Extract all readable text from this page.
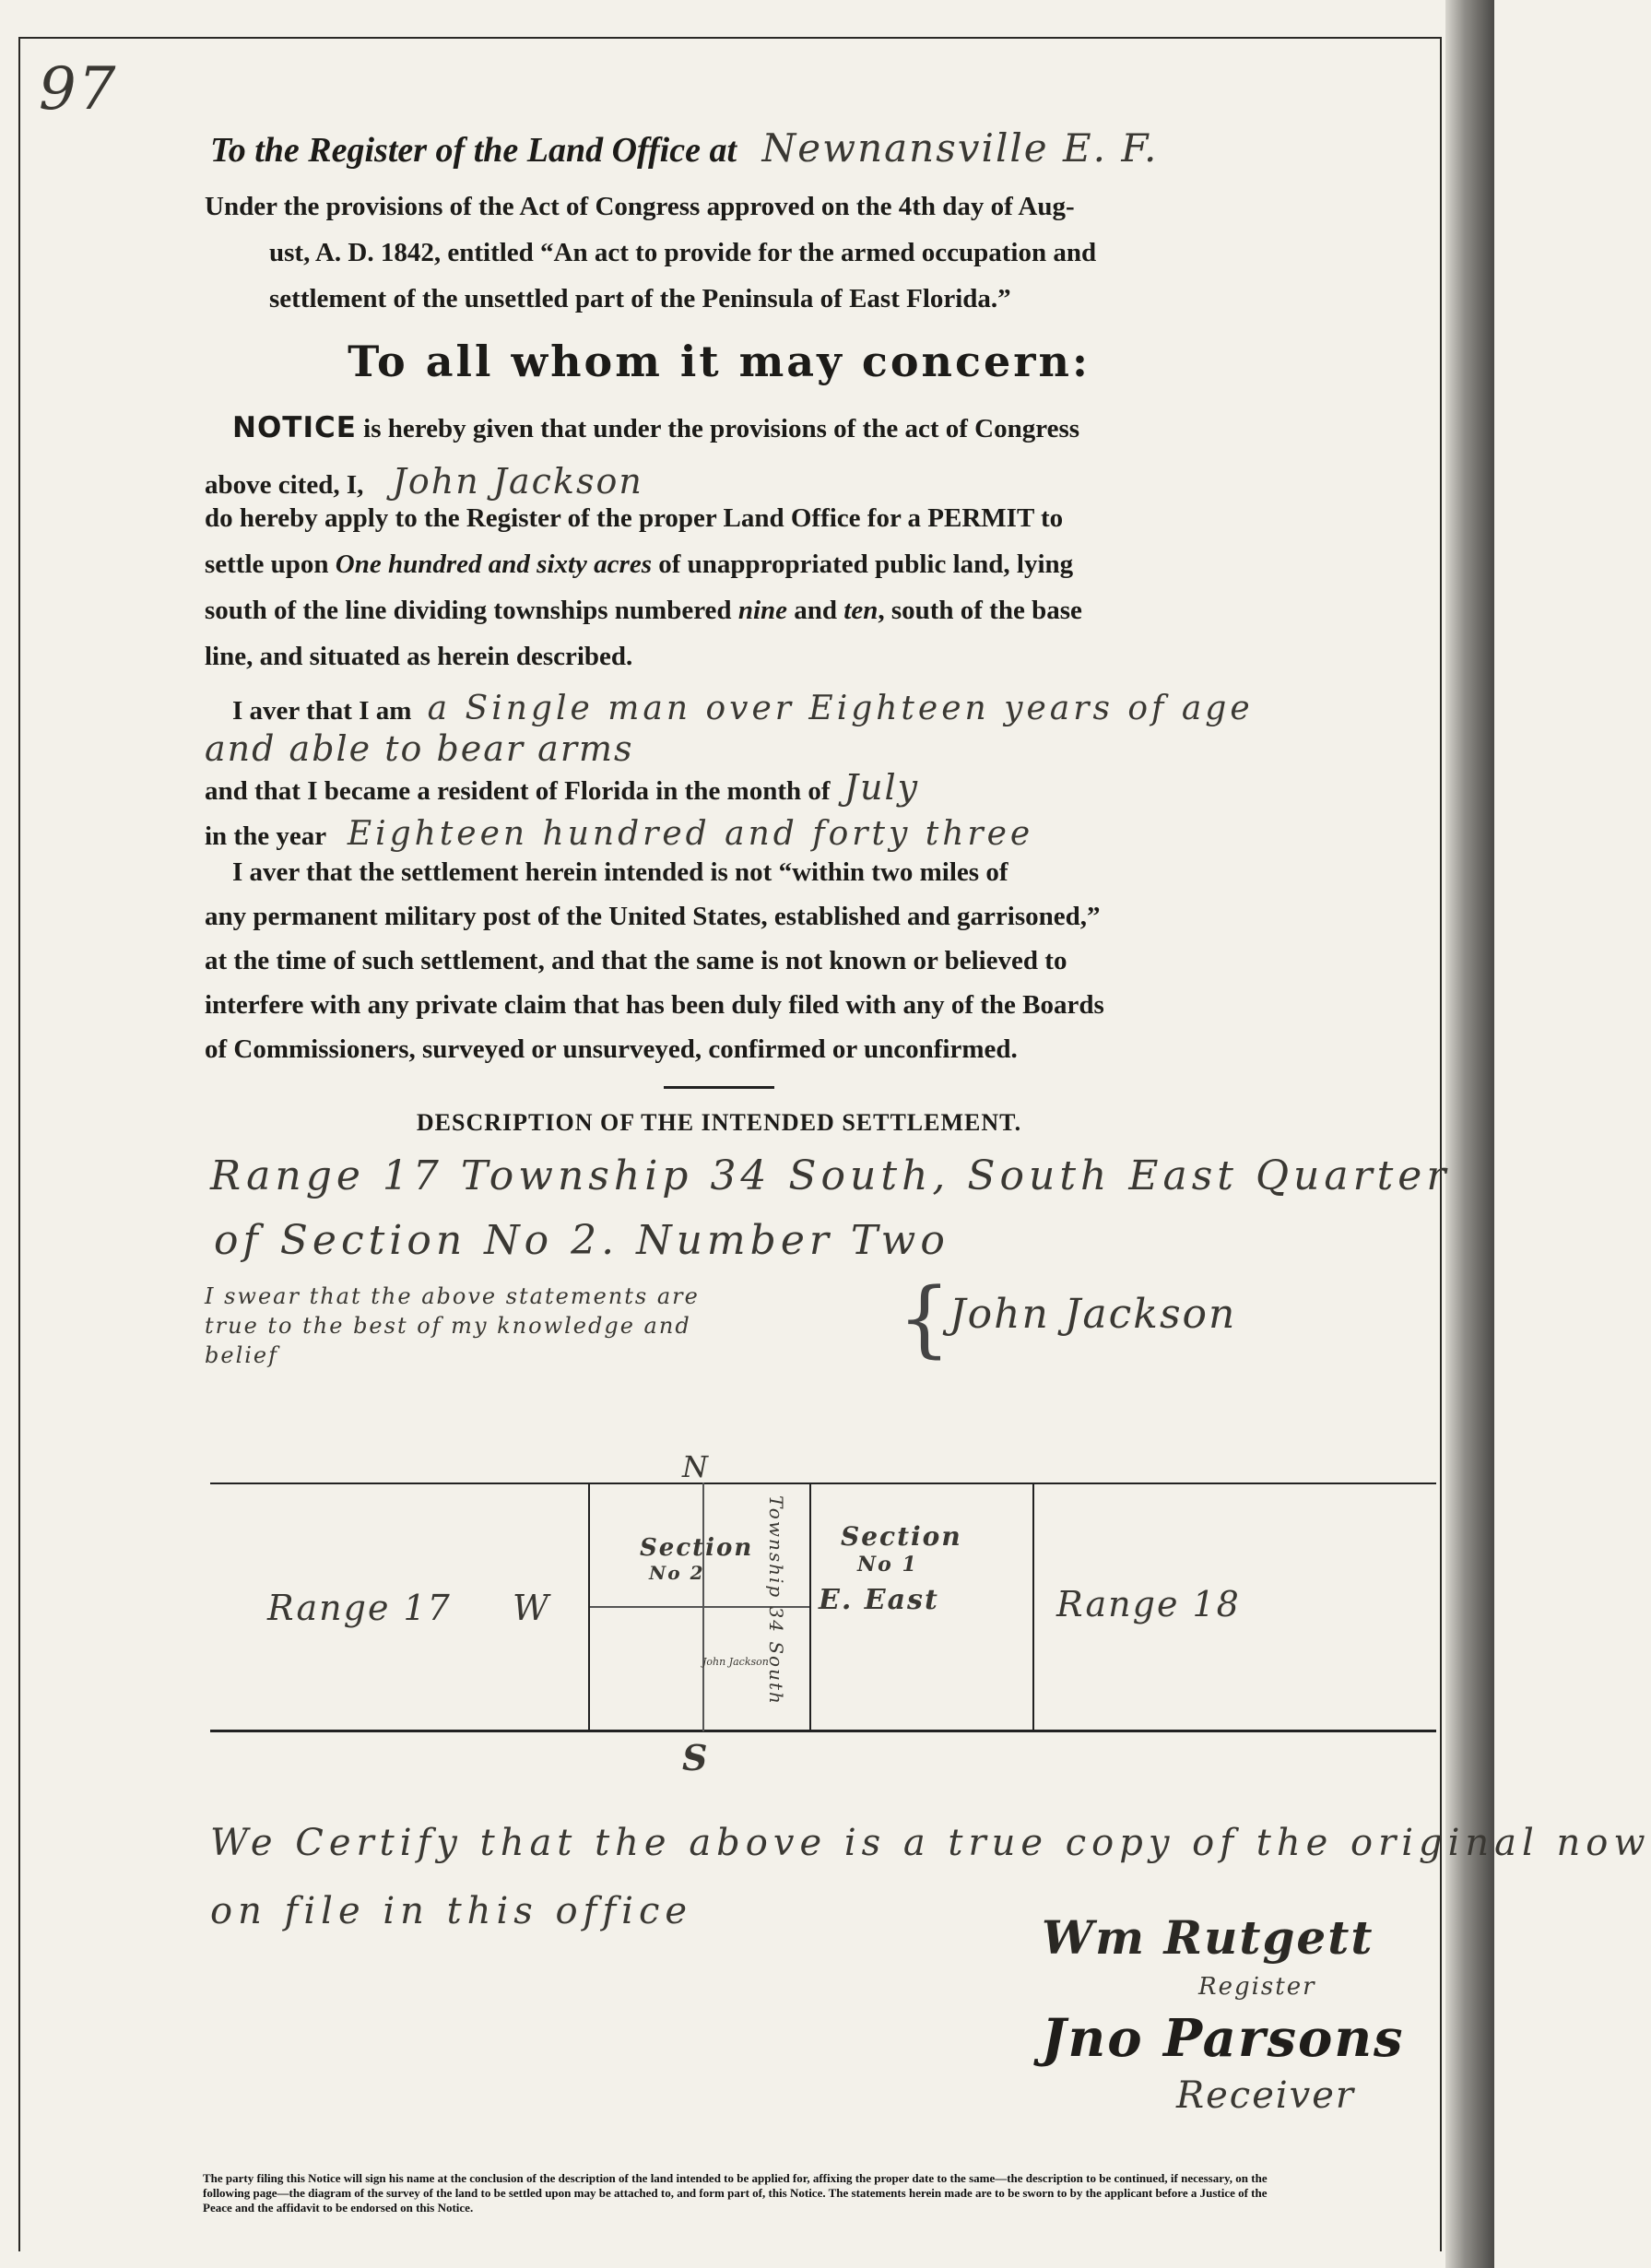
97
To the Register of the Land Office at Newnansville E. F.
Under the provisions of the Act of Congress approved on the 4th day of Aug-
ust, A. D. 1842, entitled “An act to provide for the armed occupation and
settlement of the unsettled part of the Peninsula of East Florida.”
To all whom it may concern:
NOTICE is hereby given that under the provisions of the act of Congress
above cited, I, John Jackson
do hereby apply to the Register of the proper Land Office for a PERMIT to
settle upon One hundred and sixty acres of unappropriated public land, lying
south of the line dividing townships numbered nine and ten, south of the base
line, and situated as herein described.
I aver that I am a Single man over Eighteen years of age
and able to bear arms
and that I became a resident of Florida in the month of July
in the year Eighteen hundred and forty three
I aver that the settlement herein intended is not “within two miles of
any permanent military post of the United States, established and garrisoned,”
at the time of such settlement, and that the same is not known or believed to
interfere with any private claim that has been duly filed with any of the Boards
of Commissioners, surveyed or unsurveyed, confirmed or unconfirmed.
DESCRIPTION OF THE INTENDED SETTLEMENT.
Range 17 Township 34 South, South East Quarter
of Section No 2. Number Two
I swear that the above statements are
true to the best of my knowledge and
belief	{
John Jackson
N
S
Range 17 W
Section
No 2	Township 34 South Section
No 1
E. East	Range 18
John Jackson
We Certify that the above is a true copy of the original now
on file in this office	Wm Rutgett
Register
Jno Parsons
Receiver
The party filing this Notice will sign his name at the conclusion of the description of the land intended to be applied for, affixing the proper date to the same—the description to be continued, if necessary, on the following page—the diagram of the survey of the land to be settled upon may be attached to, and form part of, this Notice. The statements herein made are to be sworn to by the applicant before a Justice of the Peace and the affidavit to be endorsed on this Notice.
